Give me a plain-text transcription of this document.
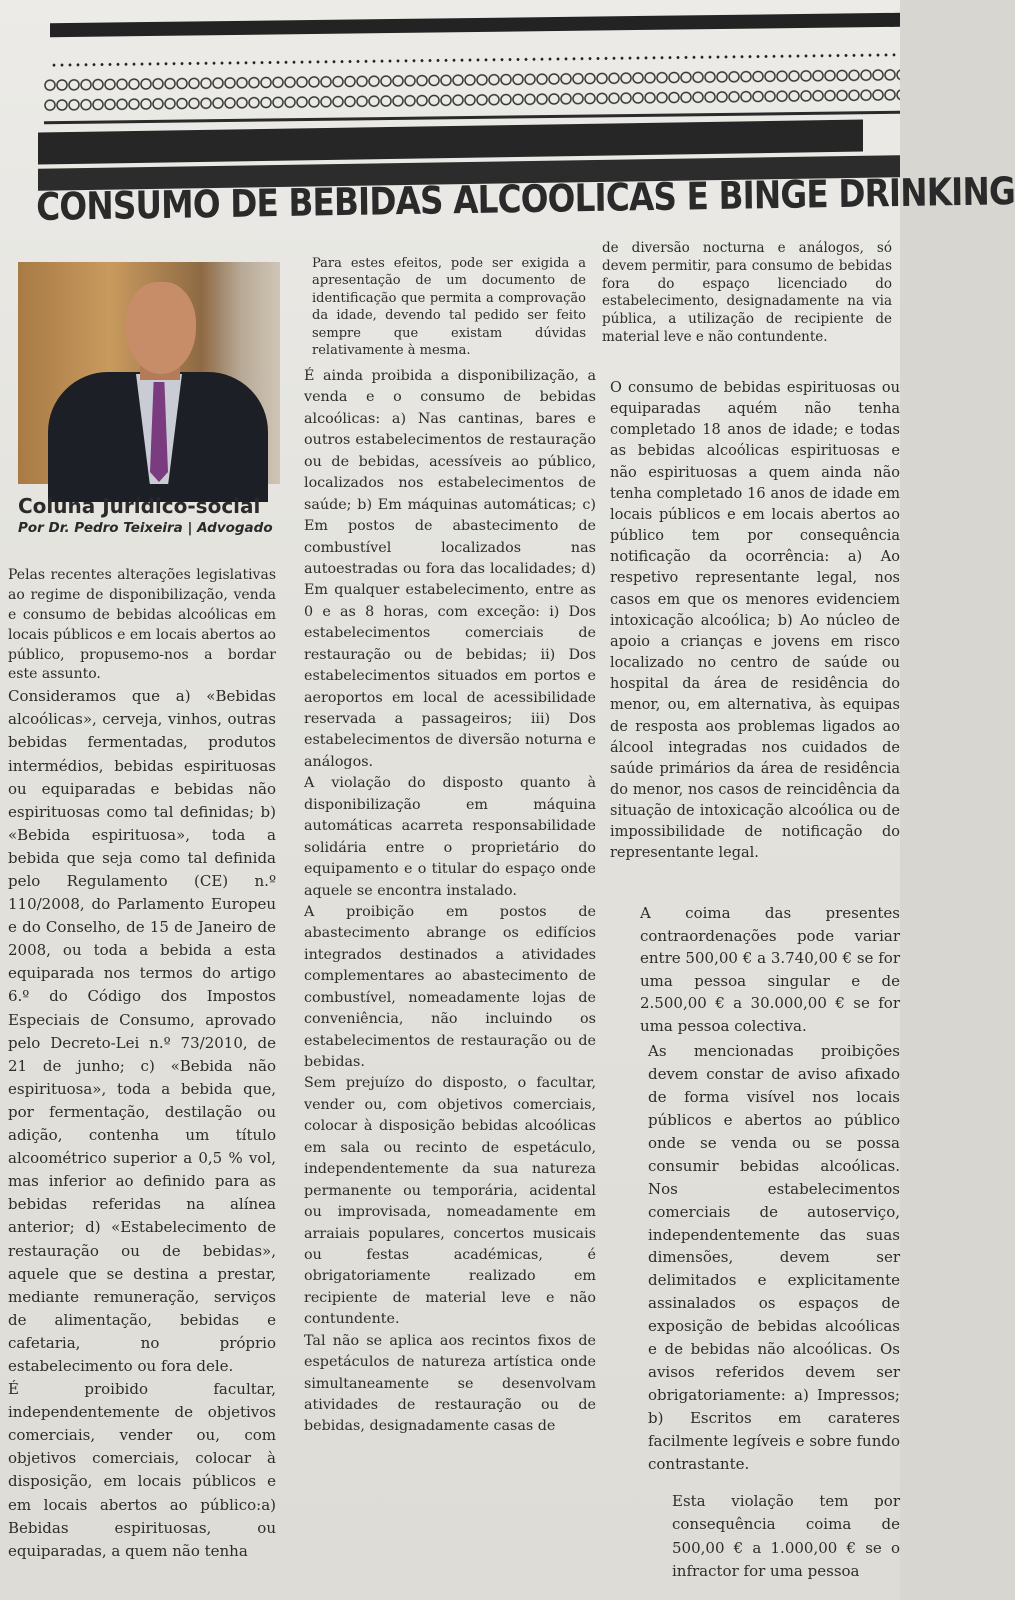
CONSUMO DE BEBIDAS ALCOÓLICAS E BINGE DRINKING
Coluna Jurídico-social
Por Dr. Pedro Teixeira | Advogado

Pelas recentes alterações legislativas ao regime de disponibilização, venda e consumo de bebidas alcoólicas em locais públicos e em locais abertos ao público, propusemo-nos a bordar este assunto.

Consideramos que a) «Bebidas alcoólicas», cerveja, vinhos, outras bebidas fermentadas, produtos intermédios, bebidas espirituosas ou equiparadas e bebidas não espirituosas como tal definidas; b) «Bebida espirituosa», toda a bebida que seja como tal definida pelo Regulamento (CE) n.º 110/2008, do Parlamento Europeu e do Conselho, de 15 de Janeiro de 2008, ou toda a bebida a esta equiparada nos termos do artigo 6.º do Código dos Impostos Especiais de Consumo, aprovado pelo Decreto-Lei n.º 73/2010, de 21 de junho; c) «Bebida não espirituosa», toda a bebida que, por fermentação, destilação ou adição, contenha um título alcoométrico superior a 0,5 % vol, mas inferior ao definido para as bebidas referidas na alínea anterior; d) «Estabelecimento de restauração ou de bebidas», aquele que se destina a prestar, mediante remuneração, serviços de alimentação, bebidas e cafetaria, no próprio estabelecimento ou fora dele.

É proibido facultar, independentemente de objetivos comerciais, vender ou, com objetivos comerciais, colocar à disposição, em locais públicos e em locais abertos ao público:a) Bebidas espirituosas, ou equiparadas, a quem não tenha

Para estes efeitos, pode ser exigida a apresentação de um documento de identificação que permita a comprovação da idade, devendo tal pedido ser feito sempre que existam dúvidas relativamente à mesma.

É ainda proibida a disponibilização, a venda e o consumo de bebidas alcoólicas: a) Nas cantinas, bares e outros estabelecimentos de restauração ou de bebidas, acessíveis ao público, localizados nos estabelecimentos de saúde; b) Em máquinas automáticas; c) Em postos de abastecimento de combustível localizados nas autoestradas ou fora das localidades; d) Em qualquer estabelecimento, entre as 0 e as 8 horas, com exceção: i) Dos estabelecimentos comerciais de restauração ou de bebidas; ii) Dos estabelecimentos situados em portos e aeroportos em local de acessibilidade reservada a passageiros; iii) Dos estabelecimentos de diversão noturna e análogos.

A violação do disposto quanto à disponibilização em máquina automáticas acarreta responsabilidade solidária entre o proprietário do equipamento e o titular do espaço onde aquele se encontra instalado.

A proibição em postos de abastecimento abrange os edifícios integrados destinados a atividades complementares ao abastecimento de combustível, nomeadamente lojas de conveniência, não incluindo os estabelecimentos de restauração ou de bebidas.

Sem prejuízo do disposto, o facultar, vender ou, com objetivos comerciais, colocar à disposição bebidas alcoólicas em sala ou recinto de espetáculo, independentemente da sua natureza permanente ou temporária, acidental ou improvisada, nomeadamente em arraiais populares, concertos musicais ou festas académicas, é obrigatoriamente realizado em recipiente de material leve e não contundente.

Tal não se aplica aos recintos fixos de espetáculos de natureza artística onde simultaneamente se desenvolvam atividades de restauração ou de bebidas, designadamente casas de

de diversão nocturna e análogos, só devem permitir, para consumo de bebidas fora do espaço licenciado do estabelecimento, designadamente na via pública, a utilização de recipiente de material leve e não contundente.

O consumo de bebidas espirituosas ou equiparadas aquém não tenha completado 18 anos de idade; e todas as bebidas alcoólicas espirituosas e não espirituosas a quem ainda não tenha completado 16 anos de idade em locais públicos e em locais abertos ao público tem por consequência notificação da ocorrência: a) Ao respetivo representante legal, nos casos em que os menores evidenciem intoxicação alcoólica; b) Ao núcleo de apoio a crianças e jovens em risco localizado no centro de saúde ou hospital da área de residência do menor, ou, em alternativa, às equipas de resposta aos problemas ligados ao álcool integradas nos cuidados de saúde primários da área de residência do menor, nos casos de reincidência da situação de intoxicação alcoólica ou de impossibilidade de notificação do representante legal.

A coima das presentes contraordenações pode variar entre 500,00 € a 3.740,00 € se for uma pessoa singular e de 2.500,00 € a 30.000,00 € se for uma pessoa colectiva.

As mencionadas proibições devem constar de aviso afixado de forma visível nos locais públicos e abertos ao público onde se venda ou se possa consumir bebidas alcoólicas. Nos estabelecimentos comerciais de autoserviço, independentemente das suas dimensões, devem ser delimitados e explicitamente assinalados os espaços de exposição de bebidas alcoólicas e de bebidas não alcoólicas. Os avisos referidos devem ser obrigatoriamente: a) Impressos; b) Escritos em carateres facilmente legíveis e sobre fundo contrastante.

Esta violação tem por consequência coima de 500,00 € a 1.000,00 € se o infractor for uma pessoa
